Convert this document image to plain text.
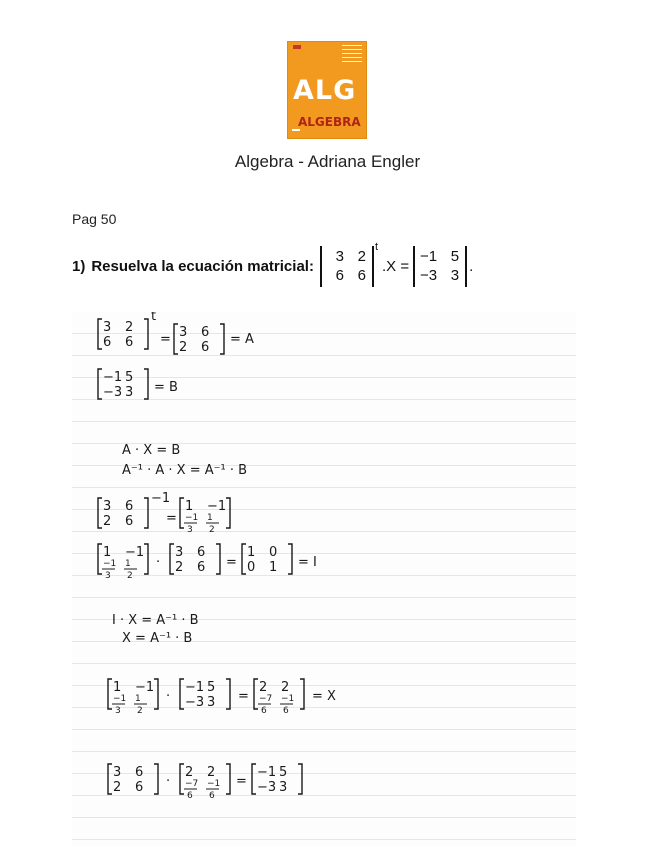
ALG
ALGEBRA
Algebra - Adriana Engler
Pag 50
1) Resuelva la ecuación matricial:
3 2
6 6
t
.X =
−1 5
−3 3
.
3 2
6 6
t
= 3 6
2 6
= A
−1 5
−3 3 = B
A · X = B
A⁻¹ · A · X = A⁻¹ · B
3 6
2 6
−1
=
1 −1
−1
3
1
2
1 −1
−1
3
1
2
·
3 6
2 6 =
1 0
0 1 = I
I · X = A⁻¹ · B
X = A⁻¹ · B
1 −1
−1
3
1
2
·
−1 5
−3 3 =
2 2
−7
6
−1
6
= X
3 6
2 6 ·
2 2
−7
6
−1
6
=
−1 5
−3 3
